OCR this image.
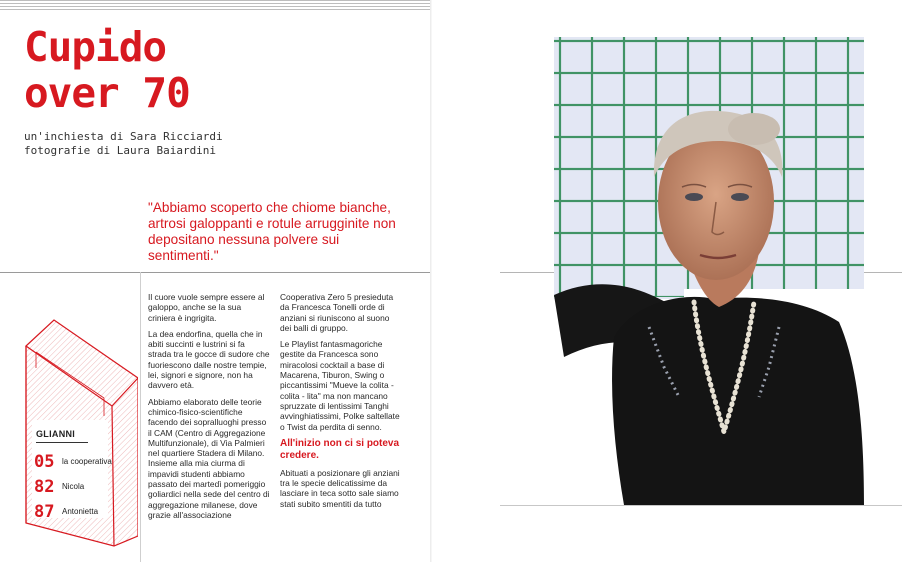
Cupido
over 70
un'inchiesta di Sara Ricciardi
fotografie di Laura Baiardini

"Abbiamo scoperto che chiome bianche, artrosi galoppanti e rotule arrugginite non depositano nessuna polvere sui sentimenti."

GLIANNI
05 la cooperativa
82 Nicola
87 Antonietta

Il cuore vuole sempre essere al galoppo, anche se la sua criniera è ingrigita.

La dea endorfina, quella che in abiti succinti e lustrini si fa strada tra le gocce di sudore che fuoriescono dalle nostre tempie, lei, signori e signore, non ha davvero età.

Abbiamo elaborato delle teorie chimico-fisico-scientifiche facendo dei sopralluoghi presso il CAM (Centro di Aggregazione Multifunzionale), di Via Palmieri nel quartiere Stadera di Milano. Insieme alla mia ciurma di impavidi studenti abbiamo passato dei martedì pomeriggio goliardici nella sede del centro di aggregazione milanese, dove grazie all'associazione

Cooperativa Zero 5 presieduta da Francesca Tonelli orde di anziani si riuniscono al suono dei balli di gruppo.

Le Playlist fantasmagoriche gestite da Francesca sono miracolosi cocktail a base di Macarena, Tiburon, Swing o piccantissimi "Mueve la colita - colita - lita" ma non mancano spruzzate di lentissimi Tanghi avvinghiatissimi, Polke saltellate o Twist da perdita di senno.

All'inizio non ci si poteva credere.

Abituati a posizionare gli anziani tra le specie delicatissime da lasciare in teca sotto sale siamo stati subito smentiti da tutto
